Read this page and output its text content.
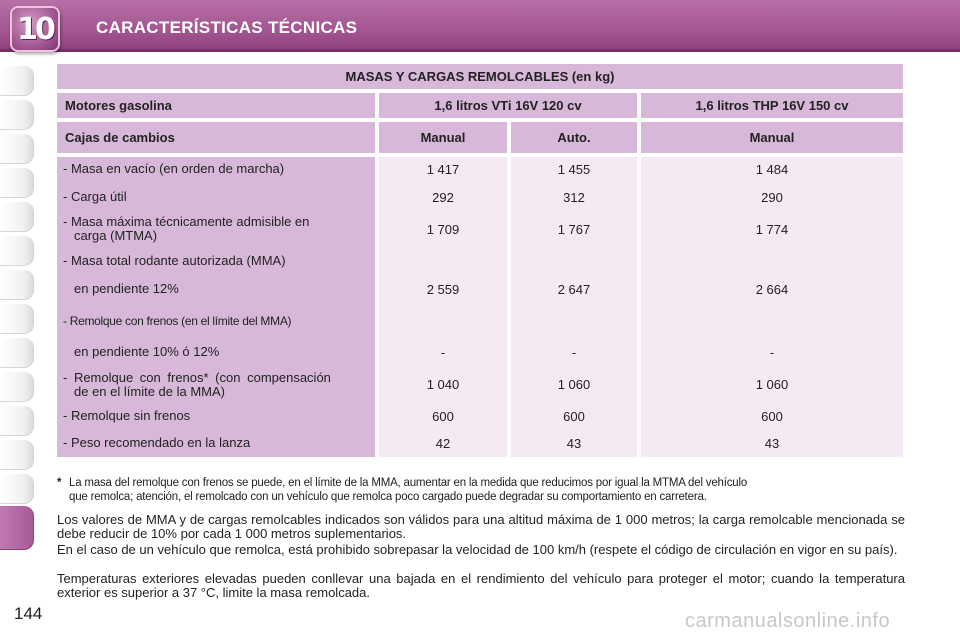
10	CARACTERÍSTICAS TÉCNICAS
MASAS Y CARGAS REMOLCABLES (en kg)
Motores gasolina	1,6 litros VTi 16V 120 cv	1,6 litros THP 16V 150 cv
Cajas de cambios	Manual	Auto.	Manual
- Masa en vacío (en orden de marcha)	1 417	1 455	1 484
- Carga útil	292	312	290
- Masa máxima técnicamente admisible en
carga (MTMA)	1 709	1 767	1 774
- Masa total rodante autorizada (MMA)
en pendiente 12%	2 559	2 647	2 664
- Remolque con frenos (en el límite del MMA)
en pendiente 10% ó 12%	-	-	-
- Remolque con frenos* (con compensación
de en el límite de la MMA)	1 040	1 060	1 060
- Remolque sin frenos	600	600	600
- Peso recomendado en la lanza	42	43	43
* La masa del remolque con frenos se puede, en el límite de la MMA, aumentar en la medida que reducimos por igual la MTMA del vehículo
que remolca; atención, el remolcado con un vehículo que remolca poco cargado puede degradar su comportamiento en carretera.
Los valores de MMA y de cargas remolcables indicados son válidos para una altitud máxima de 1 000 metros; la carga remolcable mencionada se debe reducir de 10% por cada 1 000 metros suplementarios.
En el caso de un vehículo que remolca, está prohibido sobrepasar la velocidad de 100 km/h (respete el código de circulación en vigor en su país).
Temperaturas exteriores elevadas pueden conllevar una bajada en el rendimiento del vehículo para proteger el motor; cuando la temperatura exterior es superior a 37 °C, limite la masa remolcada.
144	carmanualsonline.info
